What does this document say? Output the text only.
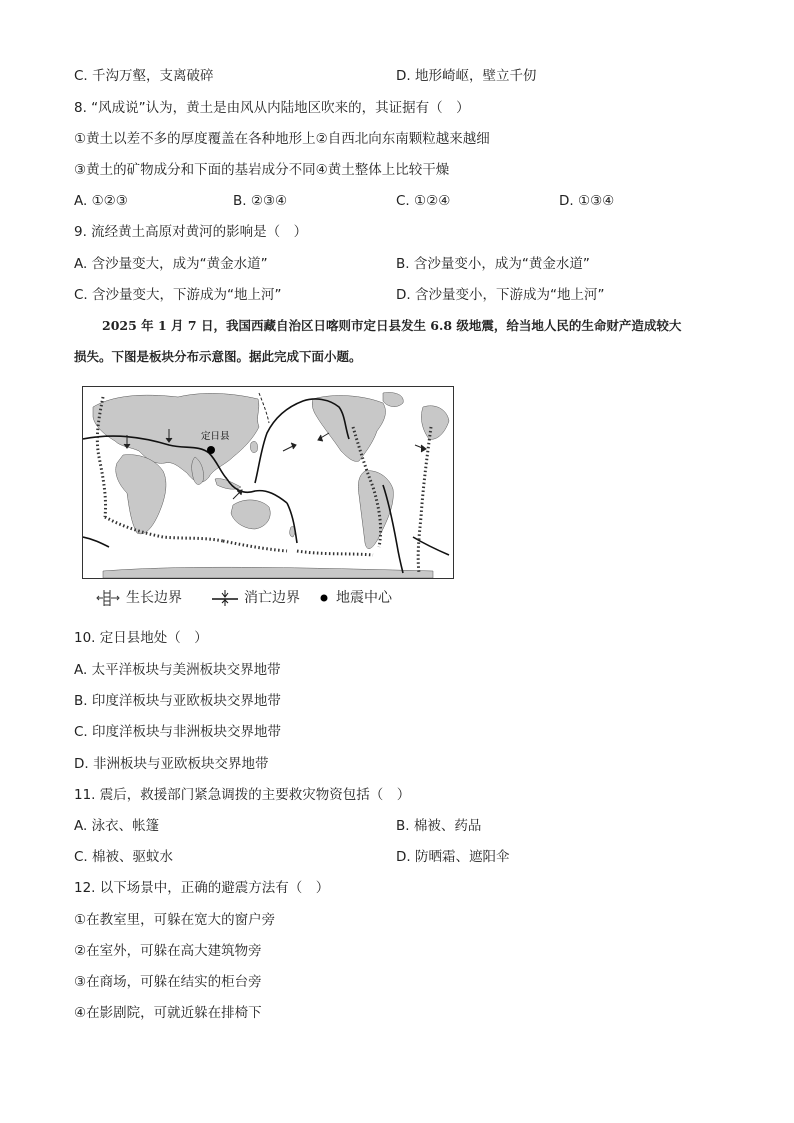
C. 千沟万壑，支离破碎	D. 地形崎岖，壁立千仞
8. “风成说”认为，黄土是由风从内陆地区吹来的，其证据有（　）
①黄土以差不多的厚度覆盖在各种地形上②自西北向东南颗粒越来越细
③黄土的矿物成分和下面的基岩成分不同④黄土整体上比较干燥
A. ①②③	B. ②③④	C. ①②④	D. ①③④
9. 流经黄土高原对黄河的影响是（　）
A. 含沙量变大，成为“黄金水道”	B. 含沙量变小，成为“黄金水道”
C. 含沙量变大，下游成为“地上河”	D. 含沙量变小，下游成为“地上河”
2025 年 1 月 7 日，我国西藏自治区日喀则市定日县发生 6.8 级地震，给当地人民的生命财产造成较大
损失。下图是板块分布示意图。据此完成下面小题。
定日县
生长边界	消亡边界	地震中心
10. 定日县地处（　）
A. 太平洋板块与美洲板块交界地带
B. 印度洋板块与亚欧板块交界地带
C. 印度洋板块与非洲板块交界地带
D. 非洲板块与亚欧板块交界地带
11. 震后，救援部门紧急调拨的主要救灾物资包括（　）
A. 泳衣、帐篷	B. 棉被、药品
C. 棉被、驱蚊水	D. 防晒霜、遮阳伞
12. 以下场景中，正确的避震方法有（　）
①在教室里，可躲在宽大的窗户旁
②在室外，可躲在高大建筑物旁
③在商场，可躲在结实的柜台旁
④在影剧院，可就近躲在排椅下
